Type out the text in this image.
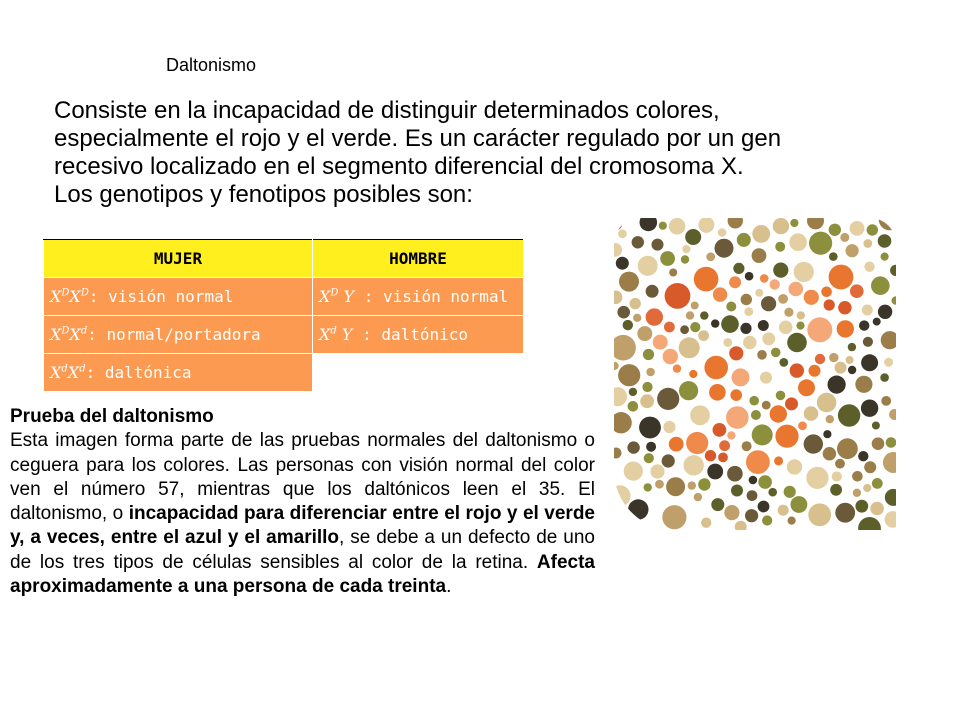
Daltonismo

Consiste en la incapacidad de distinguir determinados colores,

especialmente el rojo y el verde. Es un carácter regulado por un gen

recesivo localizado en el segmento diferencial del cromosoma X.

Los genotipos y fenotipos posibles son:

MUJER	HOMBRE
$X^DX^D$: visión normal	$X^D$ Y : visión normal
$X^DX^d$: normal/portadora	$X^d$ Y : daltónico
$X^dX^d$: daltónica	
Prueba del daltonismo

Esta imagen forma parte de las pruebas normales del daltonismo o ceguera para los colores. Las personas con visión normal del color ven el número 57, mientras que los daltónicos leen el 35. El daltonismo, o incapacidad para diferenciar entre el rojo y el verde y, a veces, entre el azul y el amarillo, se debe a un defecto de uno de los tres tipos de células sensibles al color de la retina. Afecta aproximadamente a una persona de cada treinta.
